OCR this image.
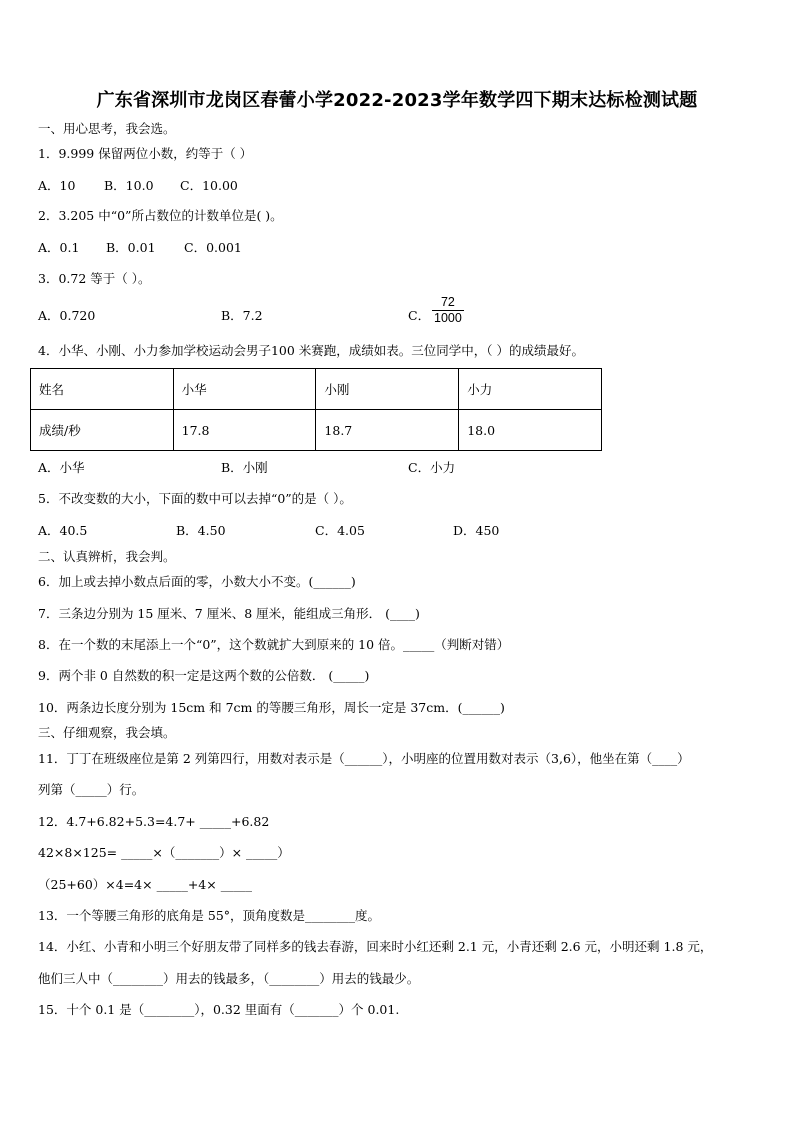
广东省深圳市龙岗区春蕾小学2022-2023学年数学四下期末达标检测试题
一、用心思考，我会选。
1．9.999 保留两位小数，约等于（ ）
A．10 B．10.0 C．10.00
2．3.205 中“0”所占数位的计数单位是( )。
A．0.1 B．0.01 C．0.001
3．0.72 等于（ ）。
A．0.720	B．7.2	C．
72
1000
4．小华、小刚、小力参加学校运动会男子100 米赛跑，成绩如表。三位同学中，（ ）的成绩最好。
姓名	小华	小刚	小力
成绩/秒	17.8	18.7	18.0
A．小华	B．小刚	C．小力
5．不改变数的大小，下面的数中可以去掉“0”的是（ ）。
A．40.5	B．4.50	C．4.05	D．450
二、认真辨析，我会判。
6．加上或去掉小数点后面的零，小数大小不变。(______)
7．三条边分别为 15 厘米、7 厘米、8 厘米，能组成三角形． (____)
8．在一个数的末尾添上一个“0”，这个数就扩大到原来的 10 倍。_____（判断对错）
9．两个非 0 自然数的积一定是这两个数的公倍数． (_____)
10．两条边长度分别为 15cm 和 7cm 的等腰三角形，周长一定是 37cm．(______)
三、仔细观察，我会填。
11．丁丁在班级座位是第 2 列第四行，用数对表示是（______），小明座的位置用数对表示（3,6），他坐在第（____）
列第（_____）行。
12．4.7+6.82+5.3=4.7+ _____+6.82
42×8×125= _____×（_______）× _____）
（25+60）×4=4× _____+4× _____
13．一个等腰三角形的底角是 55°，顶角度数是________度。
14．小红、小青和小明三个好朋友带了同样多的钱去春游，回来时小红还剩 2.1 元，小青还剩 2.6 元，小明还剩 1.8 元，
他们三人中（________）用去的钱最多，（________）用去的钱最少。
15．十个 0.1 是（________），0.32 里面有（_______）个 0.01.
